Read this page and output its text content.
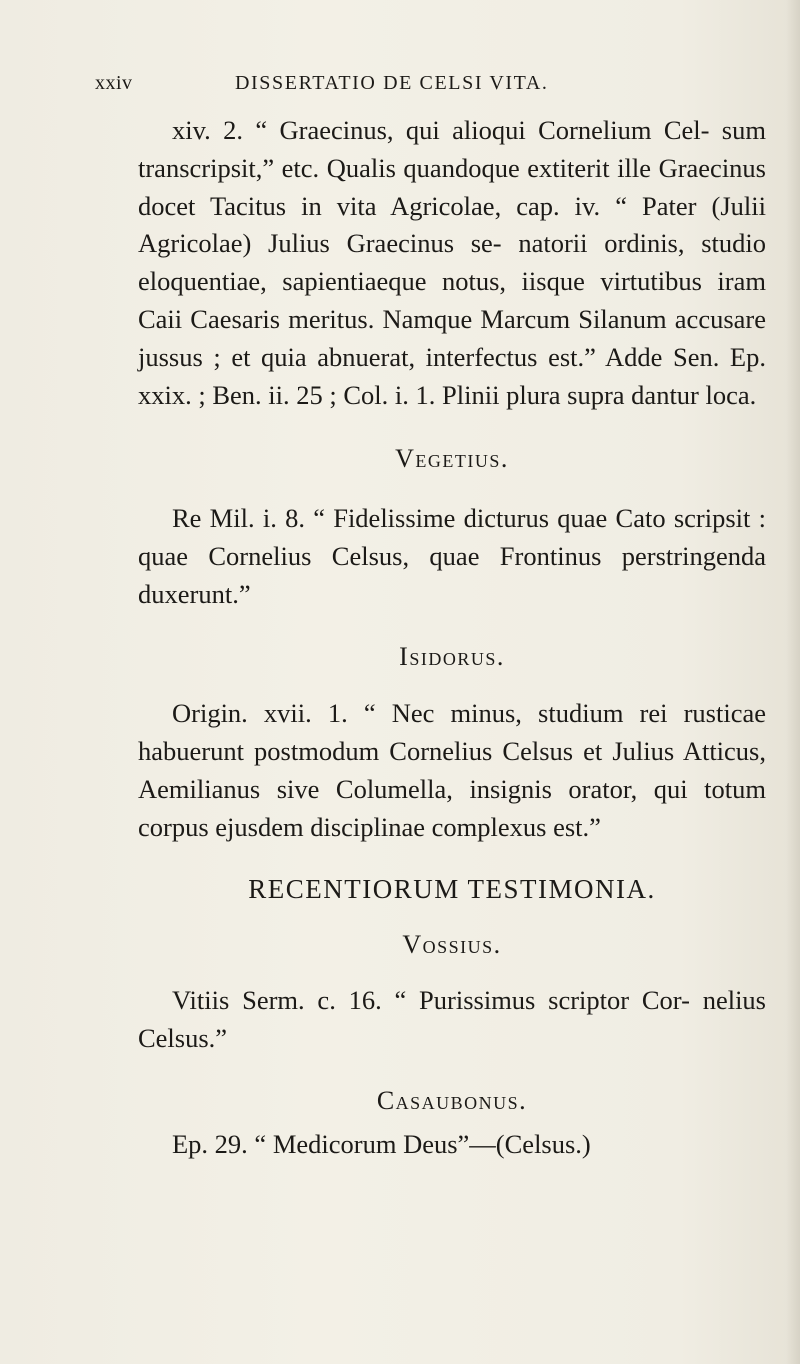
xxiv	DISSERTATIO DE CELSI VITA.

xiv. 2. “ Graecinus, qui alioqui Cornelium Cel- sum transcripsit,” etc. Qualis quandoque extiterit ille Graecinus docet Tacitus in vita Agricolae, cap. iv. “ Pater (Julii Agricolae) Julius Graecinus se- natorii ordinis, studio eloquentiae, sapientiaeque notus, iisque virtutibus iram Caii Caesaris meritus. Namque Marcum Silanum accusare jussus ; et quia abnuerat, interfectus est.” Adde Sen. Ep. xxix. ; Ben. ii. 25 ; Col. i. 1. Plinii plura supra dantur loca.

Vegetius.

Re Mil. i. 8. “ Fidelissime dicturus quae Cato scripsit : quae Cornelius Celsus, quae Frontinus perstringenda duxerunt.”

Isidorus.

Origin. xvii. 1. “ Nec minus, studium rei rusticae habuerunt postmodum Cornelius Celsus et Julius Atticus, Aemilianus sive Columella, insignis orator, qui totum corpus ejusdem disciplinae complexus est.”

RECENTIORUM TESTIMONIA.

Vossius.

Vitiis Serm. c. 16. “ Purissimus scriptor Cor- nelius Celsus.”

Casaubonus.

Ep. 29. “ Medicorum Deus”—(Celsus.)
